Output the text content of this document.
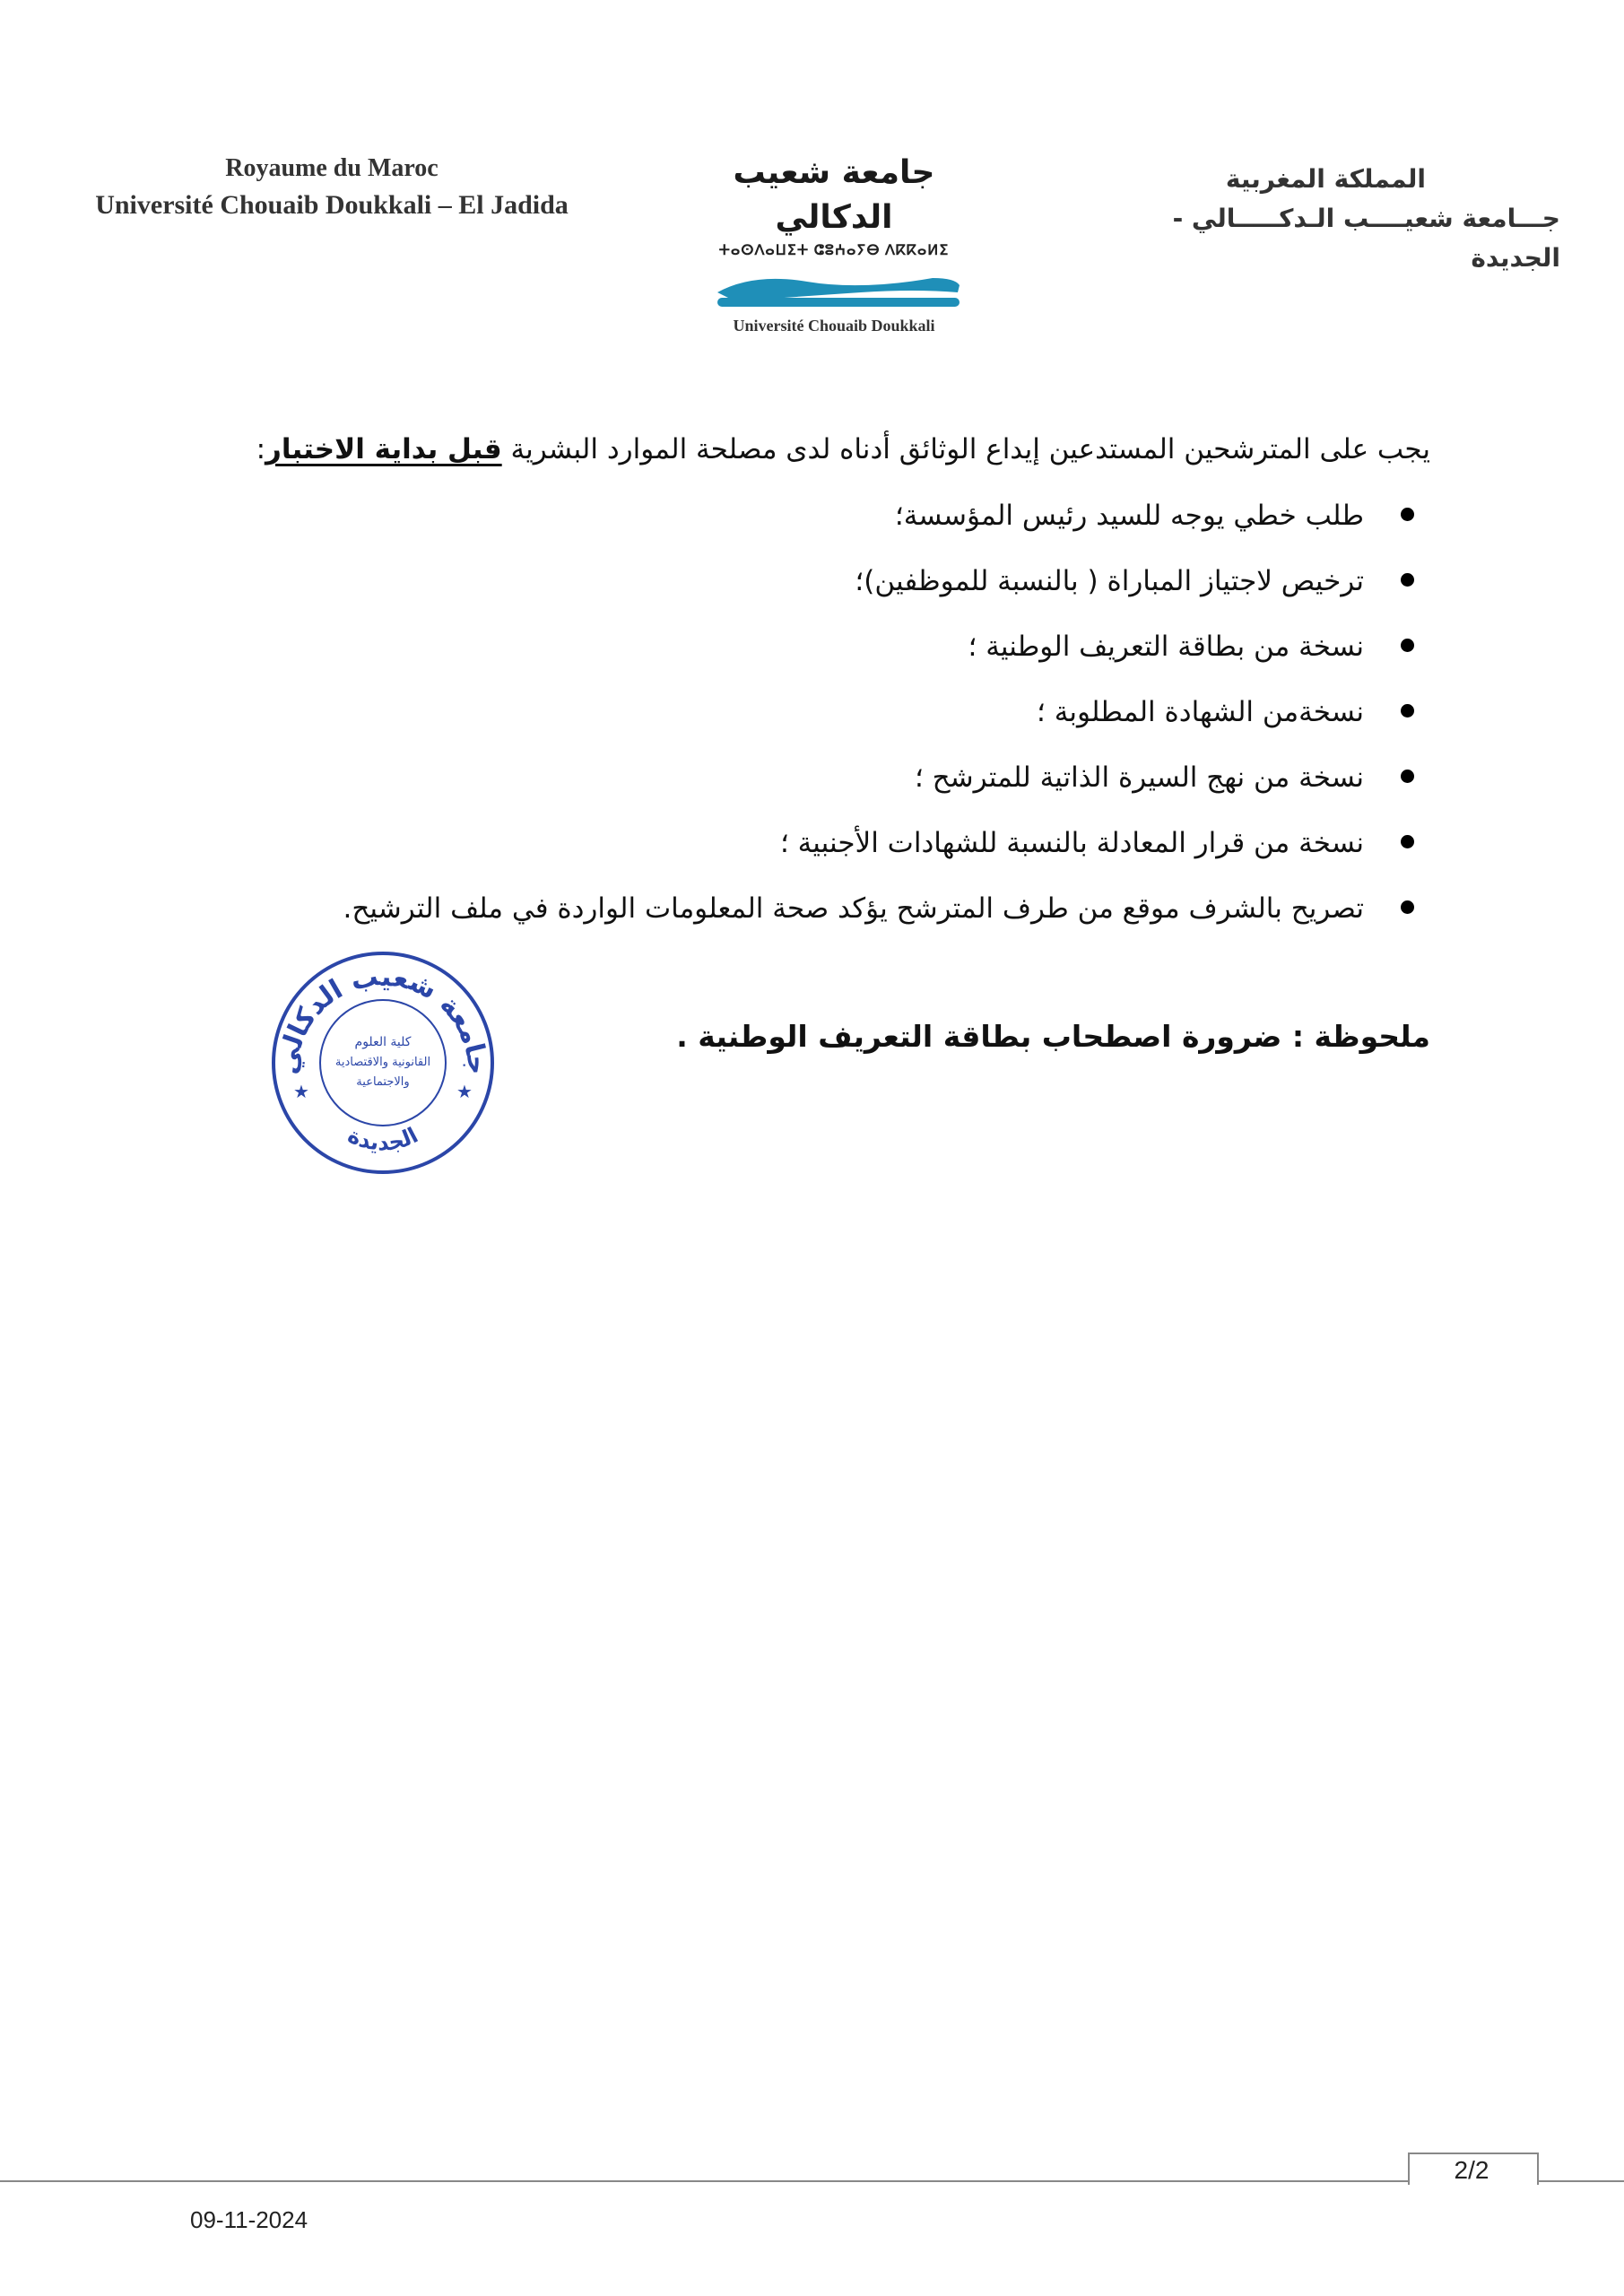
Royaume du Maroc
Université Chouaib Doukkali – El Jadida
جامعة شعيب الدكالي
ⵜⴰⵙⴷⴰⵡⵉⵜ ⵛⵓⵄⴰⵢⴱ ⴷⴽⴽⴰⵍⵉ
Université Chouaib Doukkali
المملكة المغربية
جـــامعة شعيــــب الـدكـــــالي - الجديدة
يجب على المترشحين المستدعين إيداع الوثائق أدناه لدى مصلحة الموارد البشرية قبل بداية الاختبار:
طلب خطي يوجه للسيد رئيس المؤسسة؛
ترخيص لاجتياز المباراة ( بالنسبة للموظفين)؛
نسخة من بطاقة التعريف الوطنية ؛
نسخةمن الشهادة المطلوبة ؛
نسخة من نهج السيرة الذاتية للمترشح ؛
نسخة من قرار المعادلة بالنسبة للشهادات الأجنبية ؛
تصريح بالشرف موقع من طرف المترشح يؤكد صحة المعلومات الواردة في ملف الترشيح.
ملحوظة : ضرورة اصطحاب بطاقة التعريف الوطنية .
جامعة شعيب الدكالي
الجديدة
كلية العلوم
القانونية والاقتصادية
والاجتماعية
★	★
2/2
09-11-2024
